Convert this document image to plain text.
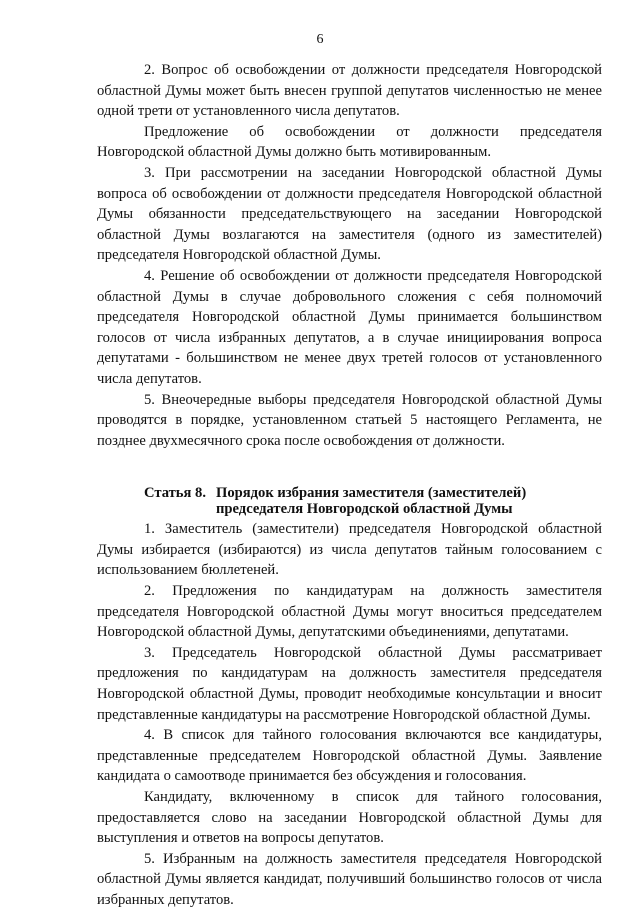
6

2. Вопрос об освобождении от должности председателя Новгородской областной Думы может быть внесен группой депутатов численностью не менее одной трети от установленного числа депутатов.

Предложение об освобождении от должности председателя Новгородской областной Думы должно быть мотивированным.

3. При рассмотрении на заседании Новгородской областной Думы вопроса об освобождении от должности председателя Новгородской областной Думы обязанности председательствующего на заседании Новгородской областной Думы возлагаются на заместителя (одного из заместителей) председателя Новгородской областной Думы.

4. Решение об освобождении от должности председателя Новгородской областной Думы в случае добровольного сложения с себя полномочий председателя Новгородской областной Думы принимается большинством голосов от числа избранных депутатов, а в случае инициирования вопроса депутатами - большинством не менее двух третей голосов от установленного числа депутатов.

5. Внеочередные выборы председателя Новгородской областной Думы проводятся в порядке, установленном статьей 5 настоящего Регламента, не позднее двухмесячного срока после освобождения от должности.

Статья 8. Порядок избрания заместителя (заместителей) председателя Новгородской областной Думы

1. Заместитель (заместители) председателя Новгородской областной Думы избирается (избираются) из числа депутатов тайным голосованием с использованием бюллетеней.

2. Предложения по кандидатурам на должность заместителя председателя Новгородской областной Думы могут вноситься председателем Новгородской областной Думы, депутатскими объединениями, депутатами.

3. Председатель Новгородской областной Думы рассматривает предложения по кандидатурам на должность заместителя председателя Новгородской областной Думы, проводит необходимые консультации и вносит представленные кандидатуры на рассмотрение Новгородской областной Думы.

4. В список для тайного голосования включаются все кандидатуры, представленные председателем Новгородской областной Думы. Заявление кандидата о самоотводе принимается без обсуждения и голосования.

Кандидату, включенному в список для тайного голосования, предоставляется слово на заседании Новгородской областной Думы для выступления и ответов на вопросы депутатов.

5. Избранным на должность заместителя председателя Новгородской областной Думы является кандидат, получивший большинство голосов от числа избранных депутатов.
